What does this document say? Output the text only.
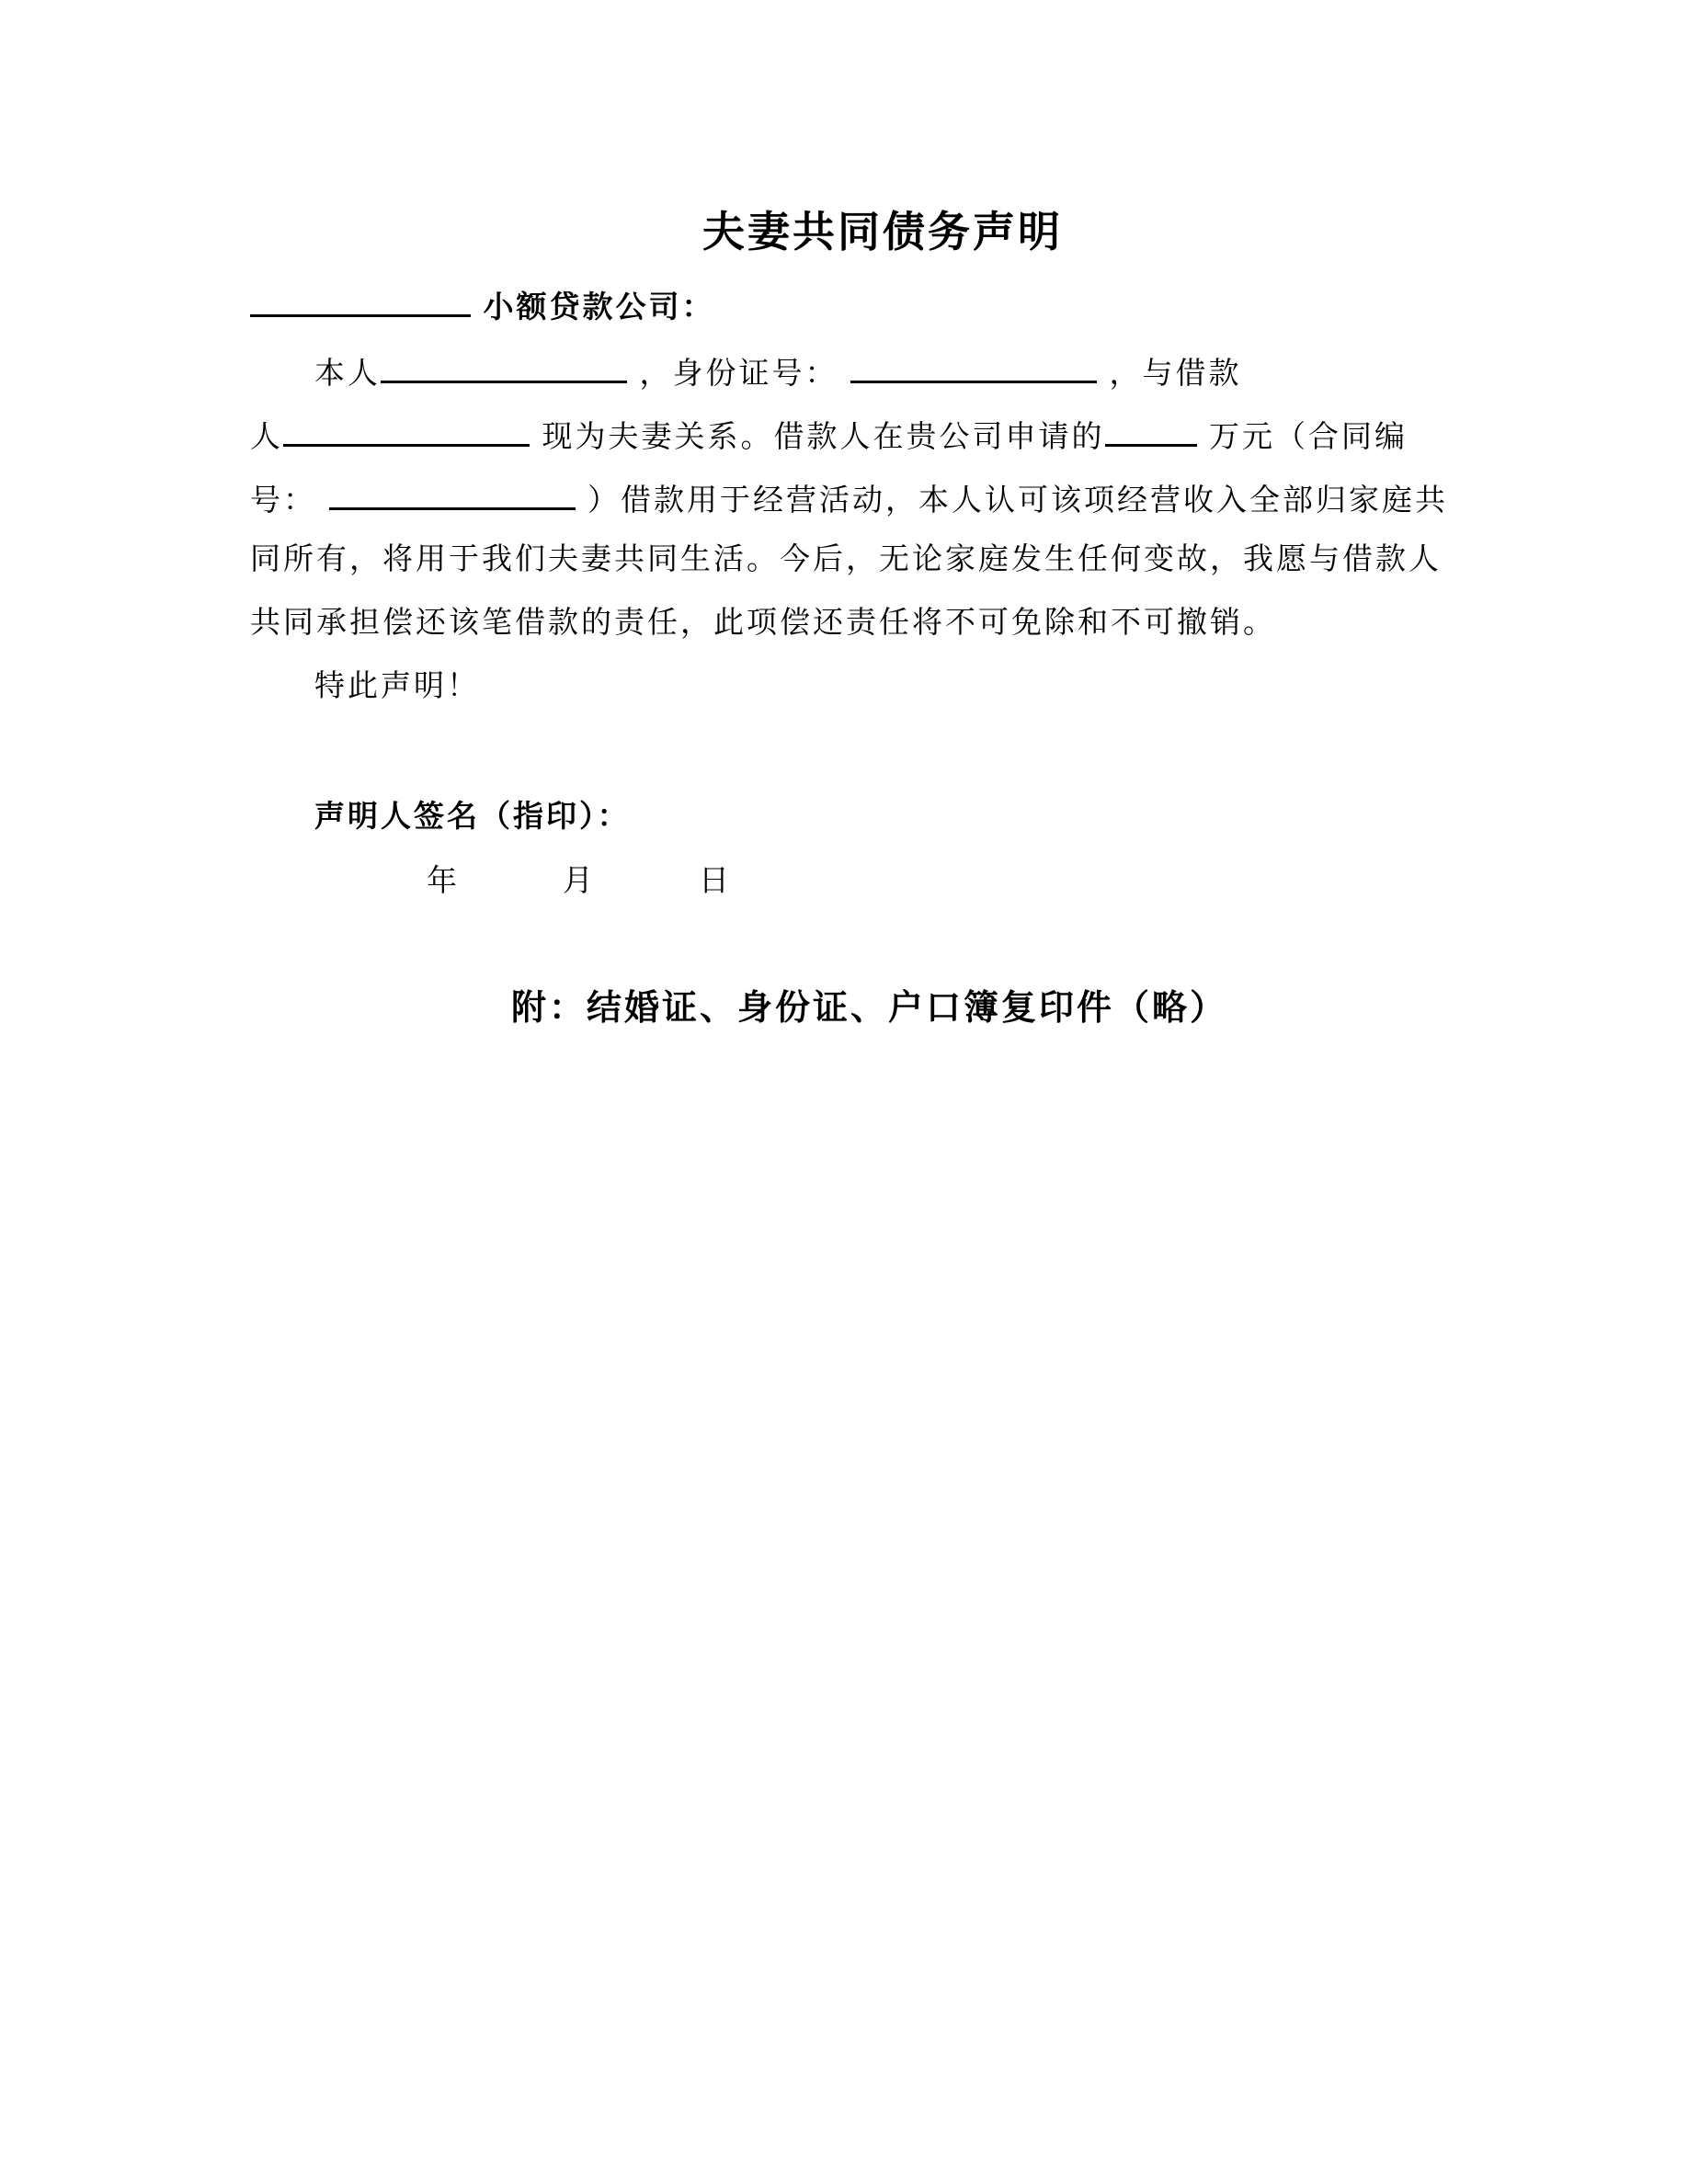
夫妻共同债务声明
小额贷款公司：
本人	，身份证号：	，与借款
人	现为夫妻关系。借款人在贵公司申请的	万元（合同编
号：	）借款用于经营活动，本人认可该项经营收入全部归家庭共
同所有，将用于我们夫妻共同生活。今后，无论家庭发生任何变故，我愿与借款人
共同承担偿还该笔借款的责任，此项偿还责任将不可免除和不可撤销。
特此声明！
声明人签名（指印）：
年	月	日
附：结婚证、身份证、户口簿复印件（略）
